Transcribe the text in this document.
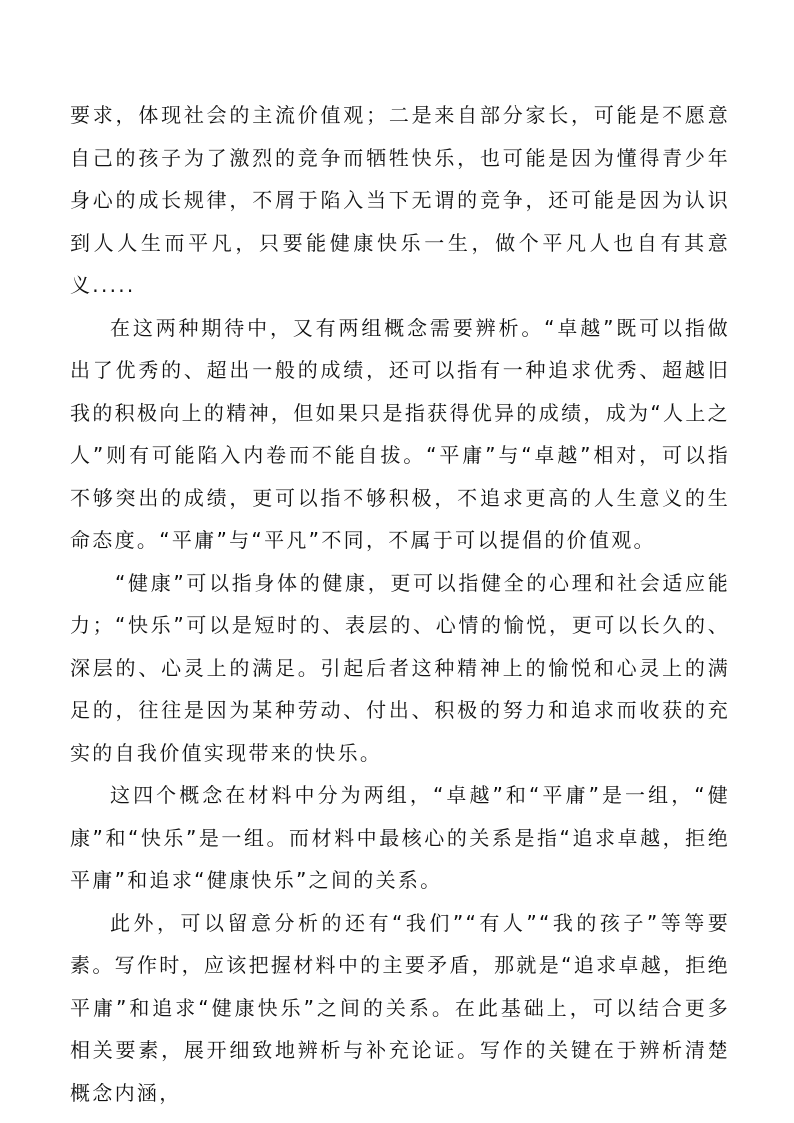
要求，体现社会的主流价值观；二是来自部分家长，可能是不愿意自己的孩子为了激烈的竞争而牺牲快乐，也可能是因为懂得青少年身心的成长规律，不屑于陷入当下无谓的竞争，还可能是因为认识到人人生而平凡，只要能健康快乐一生，做个平凡人也自有其意义.....

在这两种期待中，又有两组概念需要辨析。“卓越”既可以指做出了优秀的、超出一般的成绩，还可以指有一种追求优秀、超越旧我的积极向上的精神，但如果只是指获得优异的成绩，成为“人上之人”则有可能陷入内卷而不能自拔。“平庸”与“卓越”相对，可以指不够突出的成绩，更可以指不够积极，不追求更高的人生意义的生命态度。“平庸”与“平凡”不同，不属于可以提倡的价值观。

“健康”可以指身体的健康，更可以指健全的心理和社会适应能力；“快乐”可以是短时的、表层的、心情的愉悦，更可以长久的、深层的、心灵上的满足。引起后者这种精神上的愉悦和心灵上的满足的，往往是因为某种劳动、付出、积极的努力和追求而收获的充实的自我价值实现带来的快乐。

这四个概念在材料中分为两组，“卓越”和“平庸”是一组，“健康”和“快乐”是一组。而材料中最核心的关系是指“追求卓越，拒绝平庸”和追求“健康快乐”之间的关系。

此外，可以留意分析的还有“我们”“有人”“我的孩子”等等要素。写作时，应该把握材料中的主要矛盾，那就是“追求卓越，拒绝平庸”和追求“健康快乐”之间的关系。在此基础上，可以结合更多相关要素，展开细致地辨析与补充论证。写作的关键在于辨析清楚概念内涵，
